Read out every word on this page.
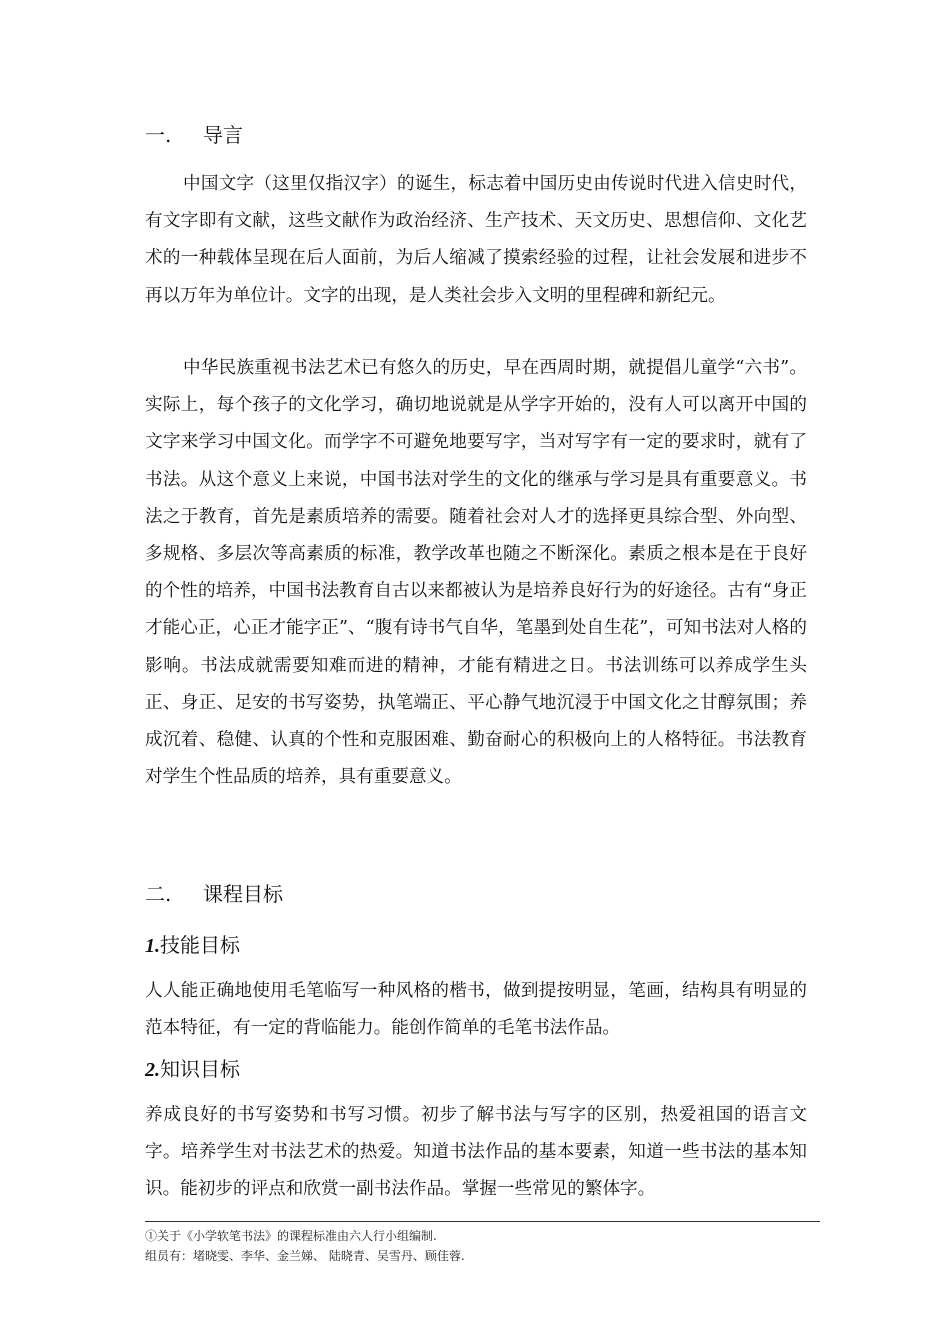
一. 导言

中国文字（这里仅指汉字）的诞生，标志着中国历史由传说时代进入信史时代，有文字即有文献，这些文献作为政治经济、生产技术、天文历史、思想信仰、文化艺术的一种载体呈现在后人面前，为后人缩减了摸索经验的过程，让社会发展和进步不再以万年为单位计。文字的出现，是人类社会步入文明的里程碑和新纪元。

中华民族重视书法艺术已有悠久的历史，早在西周时期，就提倡儿童学“六书”。 实际上，每个孩子的文化学习，确切地说就是从学字开始的，没有人可以离开中国的文字来学习中国文化。而学字不可避免地要写字，当对写字有一定的要求时，就有了书法。从这个意义上来说，中国书法对学生的文化的继承与学习是具有重要意义。书法之于教育，首先是素质培养的需要。随着社会对人才的选择更具综合型、外向型、多规格、多层次等高素质的标准，教学改革也随之不断深化。素质之根本是在于良好的个性的培养，中国书法教育自古以来都被认为是培养良好行为的好途径。古有“身正才能心正，心正才能字正”、“腹有诗书气自华，笔墨到处自生花”，可知书法对人格的影响。书法成就需要知难而进的精神，才能有精进之日。书法训练可以养成学生头正、身正、足安的书写姿势，执笔端正、平心静气地沉浸于中国文化之甘醇氛围；养成沉着、稳健、认真的个性和克服困难、勤奋耐心的积极向上的人格特征。书法教育对学生个性品质的培养，具有重要意义。

二. 课程目标
1.技能目标

人人能正确地使用毛笔临写一种风格的楷书，做到提按明显，笔画，结构具有明显的范本特征，有一定的背临能力。能创作简单的毛笔书法作品。

2.知识目标

养成良好的书写姿势和书写习惯。初步了解书法与写字的区别，热爱祖国的语言文字。培养学生对书法艺术的热爱。知道书法作品的基本要素，知道一些书法的基本知识。能初步的评点和欣赏一副书法作品。掌握一些常见的繁体字。

①关于《小学软笔书法》的课程标准由六人行小组编制.
组员有：堵晓雯、李华、金兰娣、 陆晓青、吴雪丹、顾佳蓉.
